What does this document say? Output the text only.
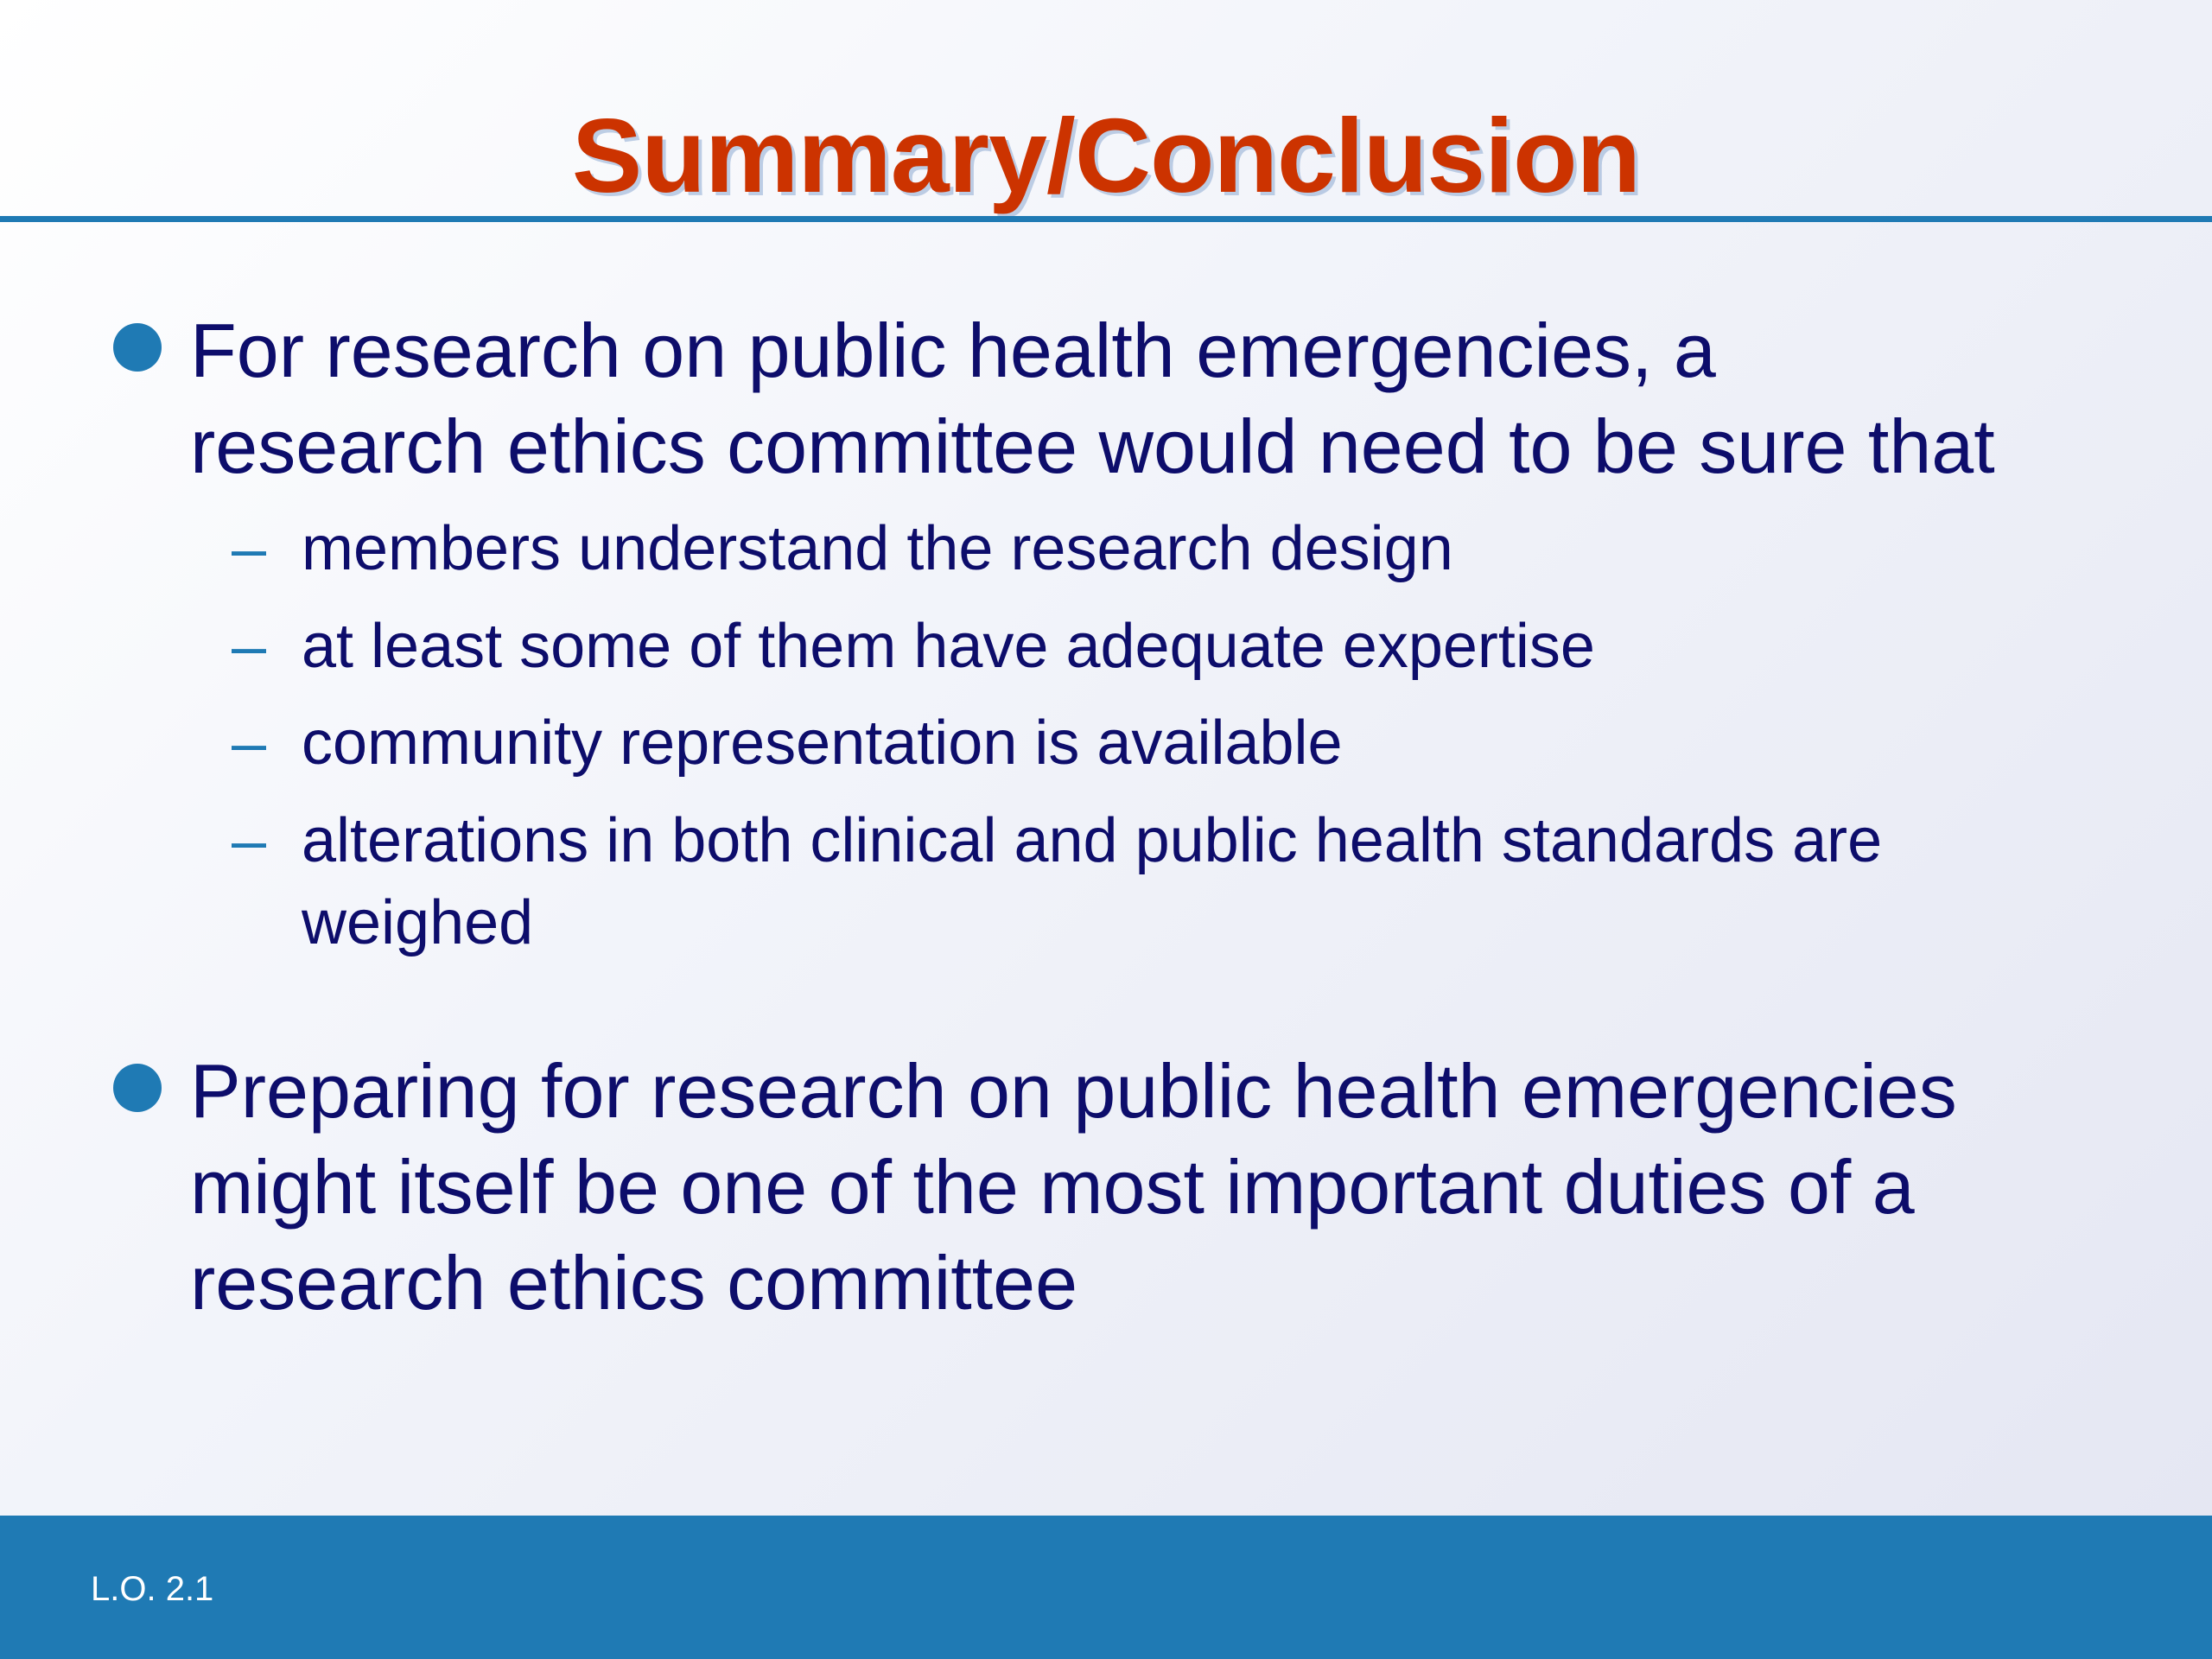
Summary/Conclusion
For research on public health emergencies, a
research ethics committee would need to be sure that
– members understand the research design
– at least some of them have adequate expertise
– community representation is available
– alterations in both clinical and public health standards are weighed
Preparing for research on public health emergencies
might itself be one of the most important duties of a
research ethics committee
L.O. 2.1
